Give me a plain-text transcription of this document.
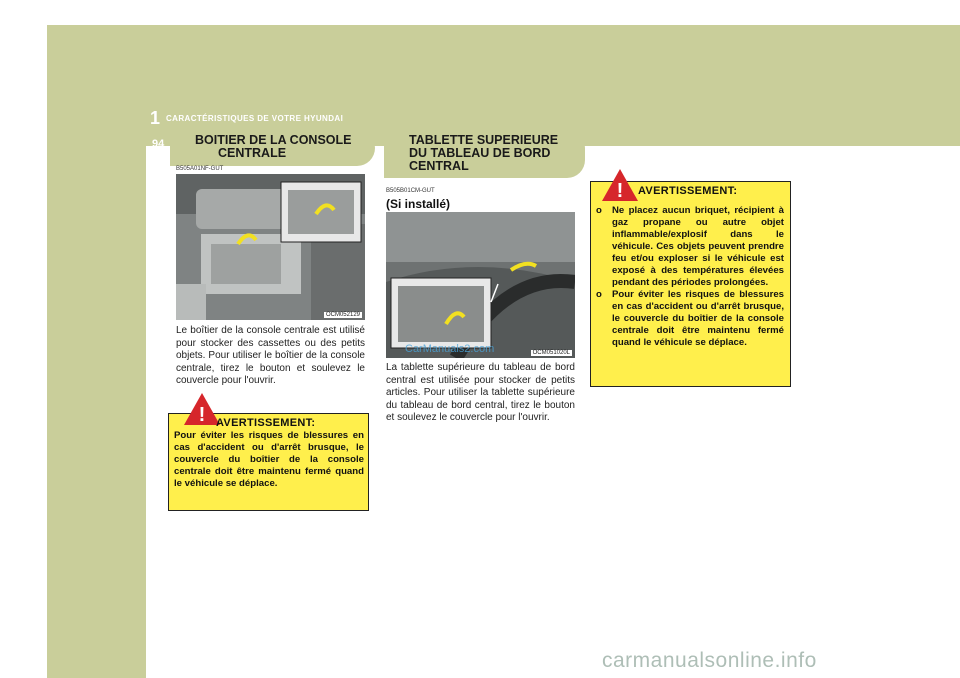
1 CARACTÉRISTIQUES DE VOTRE HYUNDAI
94 BOITIER DE LA CONSOLE
CENTRALE
B505A01NF-GUT
OCM052129
Le boîtier de la console centrale est utilisé pour stocker des cassettes ou des petits objets. Pour utiliser le boîtier de la console centrale, tirez le bouton et soulevez le couvercle pour l'ouvrir.
! AVERTISSEMENT:
Pour éviter les risques de blessures en cas d'accident ou d'arrêt brusque, le couvercle du boîtier de la console centrale doit être maintenu fermé quand le véhicule se déplace.
TABLETTE SUPERIEURE
DU TABLEAU DE BORD
CENTRAL
B505B01CM-GUT
(Si installé)
OCM051020L
CarManuals2.com
La tablette supérieure du tableau de bord central est utilisée pour stocker de petits articles. Pour utiliser la tablette supérieure du tableau de bord central, tirez le bouton et soulevez le couvercle pour l'ouvrir.
! AVERTISSEMENT:
o Ne placez aucun briquet, récipient à gaz propane ou autre objet inflammable/explosif dans le véhicule. Ces objets peuvent prendre feu et/ou exploser si le véhicule est exposé à des températures élevées pendant des périodes prolongées.
o Pour éviter les risques de blessures en cas d'accident ou d'arrêt brusque, le couvercle du boîtier de la console centrale doit être maintenu fermé quand le véhicule se déplace.
carmanualsonline.info
